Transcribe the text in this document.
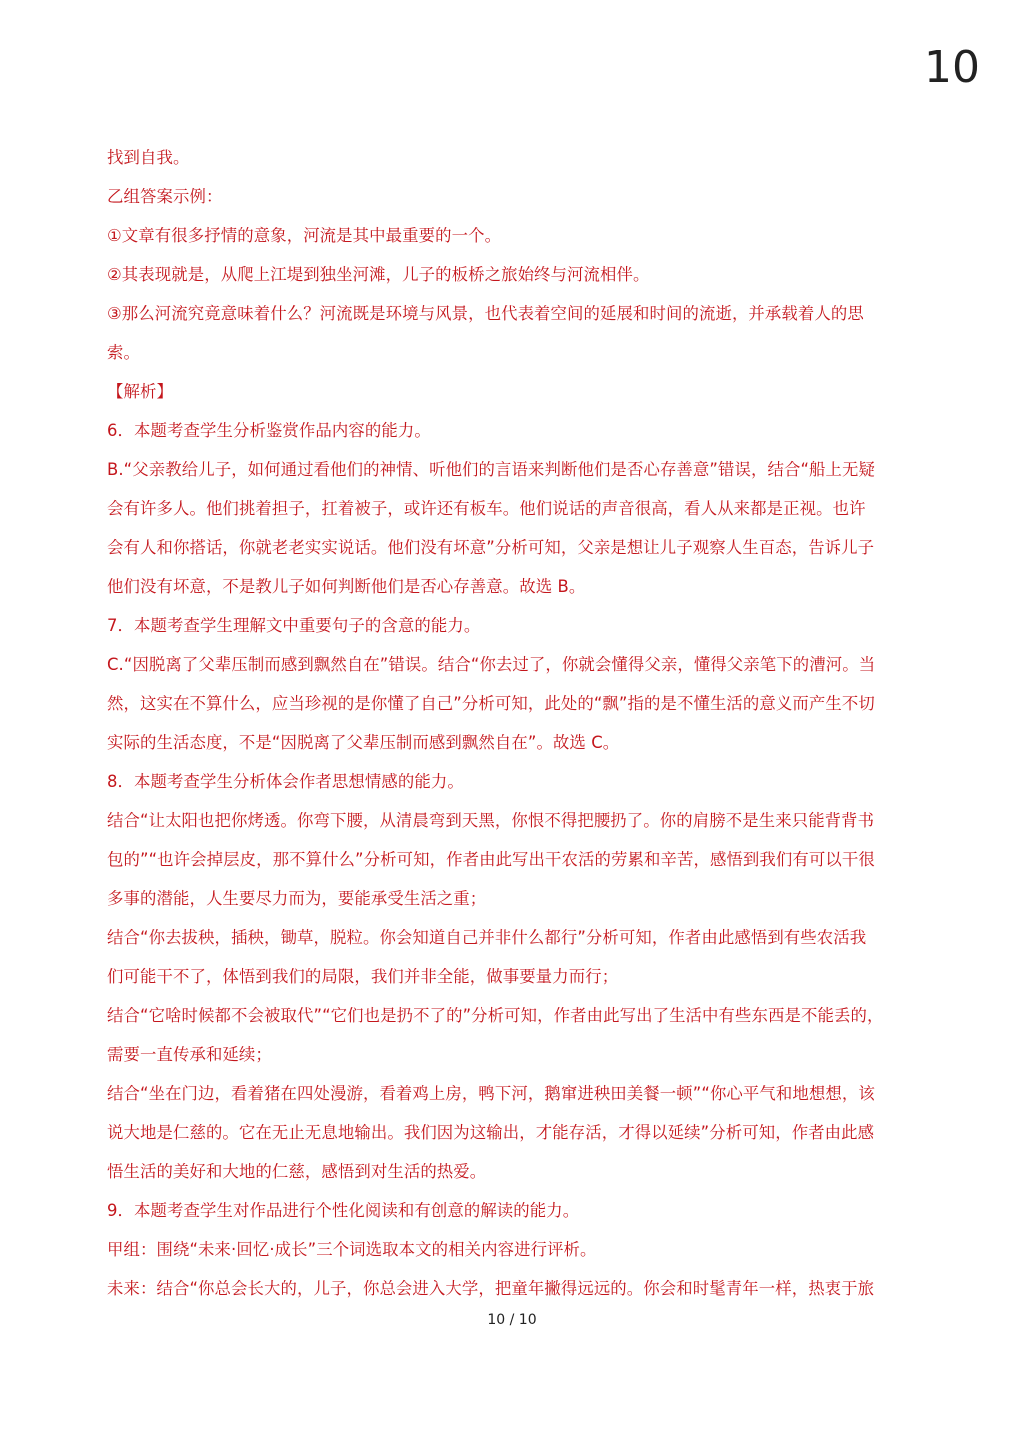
10

找到自我。

乙组答案示例：

①文章有很多抒情的意象，河流是其中最重要的一个。

②其表现就是，从爬上江堤到独坐河滩，儿子的板桥之旅始终与河流相伴。

③那么河流究竟意味着什么？河流既是环境与风景，也代表着空间的延展和时间的流逝，并承载着人的思

索。

【解析】

6．本题考查学生分析鉴赏作品内容的能力。

B.“父亲教给儿子，如何通过看他们的神情、听他们的言语来判断他们是否心存善意”错误，结合“船上无疑

会有许多人。他们挑着担子，扛着被子，或许还有板车。他们说话的声音很高，看人从来都是正视。也许

会有人和你搭话，你就老老实实说话。他们没有坏意”分析可知，父亲是想让儿子观察人生百态，告诉儿子

他们没有坏意，不是教儿子如何判断他们是否心存善意。故选 B。

7．本题考查学生理解文中重要句子的含意的能力。

C.“因脱离了父辈压制而感到飘然自在”错误。结合“你去过了，你就会懂得父亲，懂得父亲笔下的漕河。当

然，这实在不算什么，应当珍视的是你懂了自己”分析可知，此处的“飘”指的是不懂生活的意义而产生不切

实际的生活态度，不是“因脱离了父辈压制而感到飘然自在”。故选 C。

8．本题考查学生分析体会作者思想情感的能力。

结合“让太阳也把你烤透。你弯下腰，从清晨弯到天黑，你恨不得把腰扔了。你的肩膀不是生来只能背背书

包的”“也许会掉层皮，那不算什么”分析可知，作者由此写出干农活的劳累和辛苦，感悟到我们有可以干很

多事的潜能，人生要尽力而为，要能承受生活之重；

结合“你去拔秧，插秧，锄草，脱粒。你会知道自己并非什么都行”分析可知，作者由此感悟到有些农活我

们可能干不了，体悟到我们的局限，我们并非全能，做事要量力而行；

结合“它啥时候都不会被取代”“它们也是扔不了的”分析可知，作者由此写出了生活中有些东西是不能丢的，

需要一直传承和延续；

结合“坐在门边，看着猪在四处漫游，看着鸡上房，鸭下河，鹅窜进秧田美餐一顿”“你心平气和地想想，该

说大地是仁慈的。它在无止无息地输出。我们因为这输出，才能存活，才得以延续”分析可知，作者由此感

悟生活的美好和大地的仁慈，感悟到对生活的热爱。

9．本题考查学生对作品进行个性化阅读和有创意的解读的能力。

甲组：围绕“未来·回忆·成长”三个词选取本文的相关内容进行评析。

未来：结合“你总会长大的，儿子，你总会进入大学，把童年撇得远远的。你会和时髦青年一样，热衷于旅

10 / 10
